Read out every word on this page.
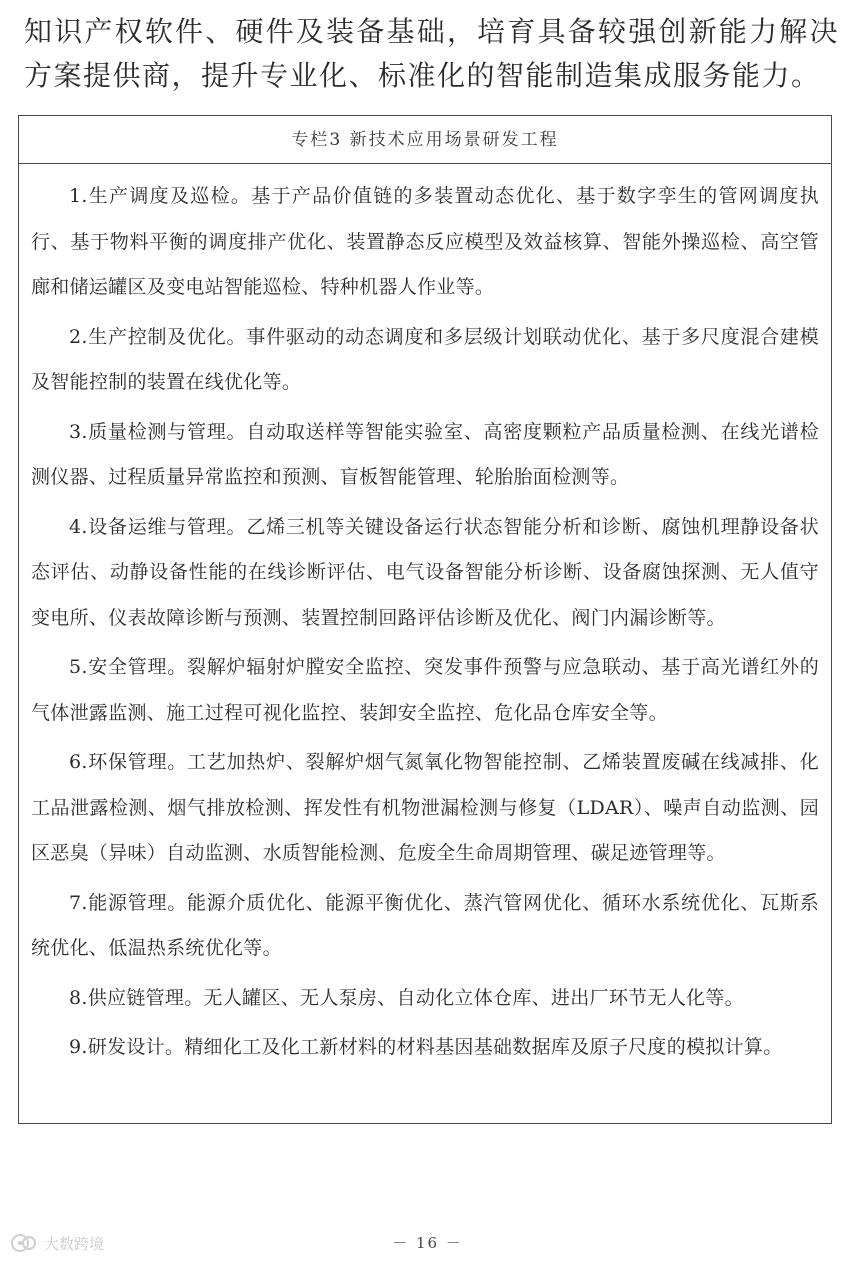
知识产权软件、硬件及装备基础，培育具备较强创新能力解决方案提供商，提升专业化、标准化的智能制造集成服务能力。

专栏3 新技术应用场景研发工程

1.生产调度及巡检。基于产品价值链的多装置动态优化、基于数字孪生的管网调度执行、基于物料平衡的调度排产优化、装置静态反应模型及效益核算、智能外操巡检、高空管廊和储运罐区及变电站智能巡检、特种机器人作业等。

2.生产控制及优化。事件驱动的动态调度和多层级计划联动优化、基于多尺度混合建模及智能控制的装置在线优化等。

3.质量检测与管理。自动取送样等智能实验室、高密度颗粒产品质量检测、在线光谱检测仪器、过程质量异常监控和预测、盲板智能管理、轮胎胎面检测等。

4.设备运维与管理。乙烯三机等关键设备运行状态智能分析和诊断、腐蚀机理静设备状态评估、动静设备性能的在线诊断评估、电气设备智能分析诊断、设备腐蚀探测、无人值守变电所、仪表故障诊断与预测、装置控制回路评估诊断及优化、阀门内漏诊断等。

5.安全管理。裂解炉辐射炉膛安全监控、突发事件预警与应急联动、基于高光谱红外的气体泄露监测、施工过程可视化监控、装卸安全监控、危化品仓库安全等。

6.环保管理。工艺加热炉、裂解炉烟气氮氧化物智能控制、乙烯装置废碱在线减排、化工品泄露检测、烟气排放检测、挥发性有机物泄漏检测与修复（LDAR）、噪声自动监测、园区恶臭（异味）自动监测、水质智能检测、危废全生命周期管理、碳足迹管理等。

7.能源管理。能源介质优化、能源平衡优化、蒸汽管网优化、循环水系统优化、瓦斯系统优化、低温热系统优化等。

8.供应链管理。无人罐区、无人泵房、自动化立体仓库、进出厂环节无人化等。

9.研发设计。精细化工及化工新材料的材料基因基础数据库及原子尺度的模拟计算。

大数跨境	－ 16 －
